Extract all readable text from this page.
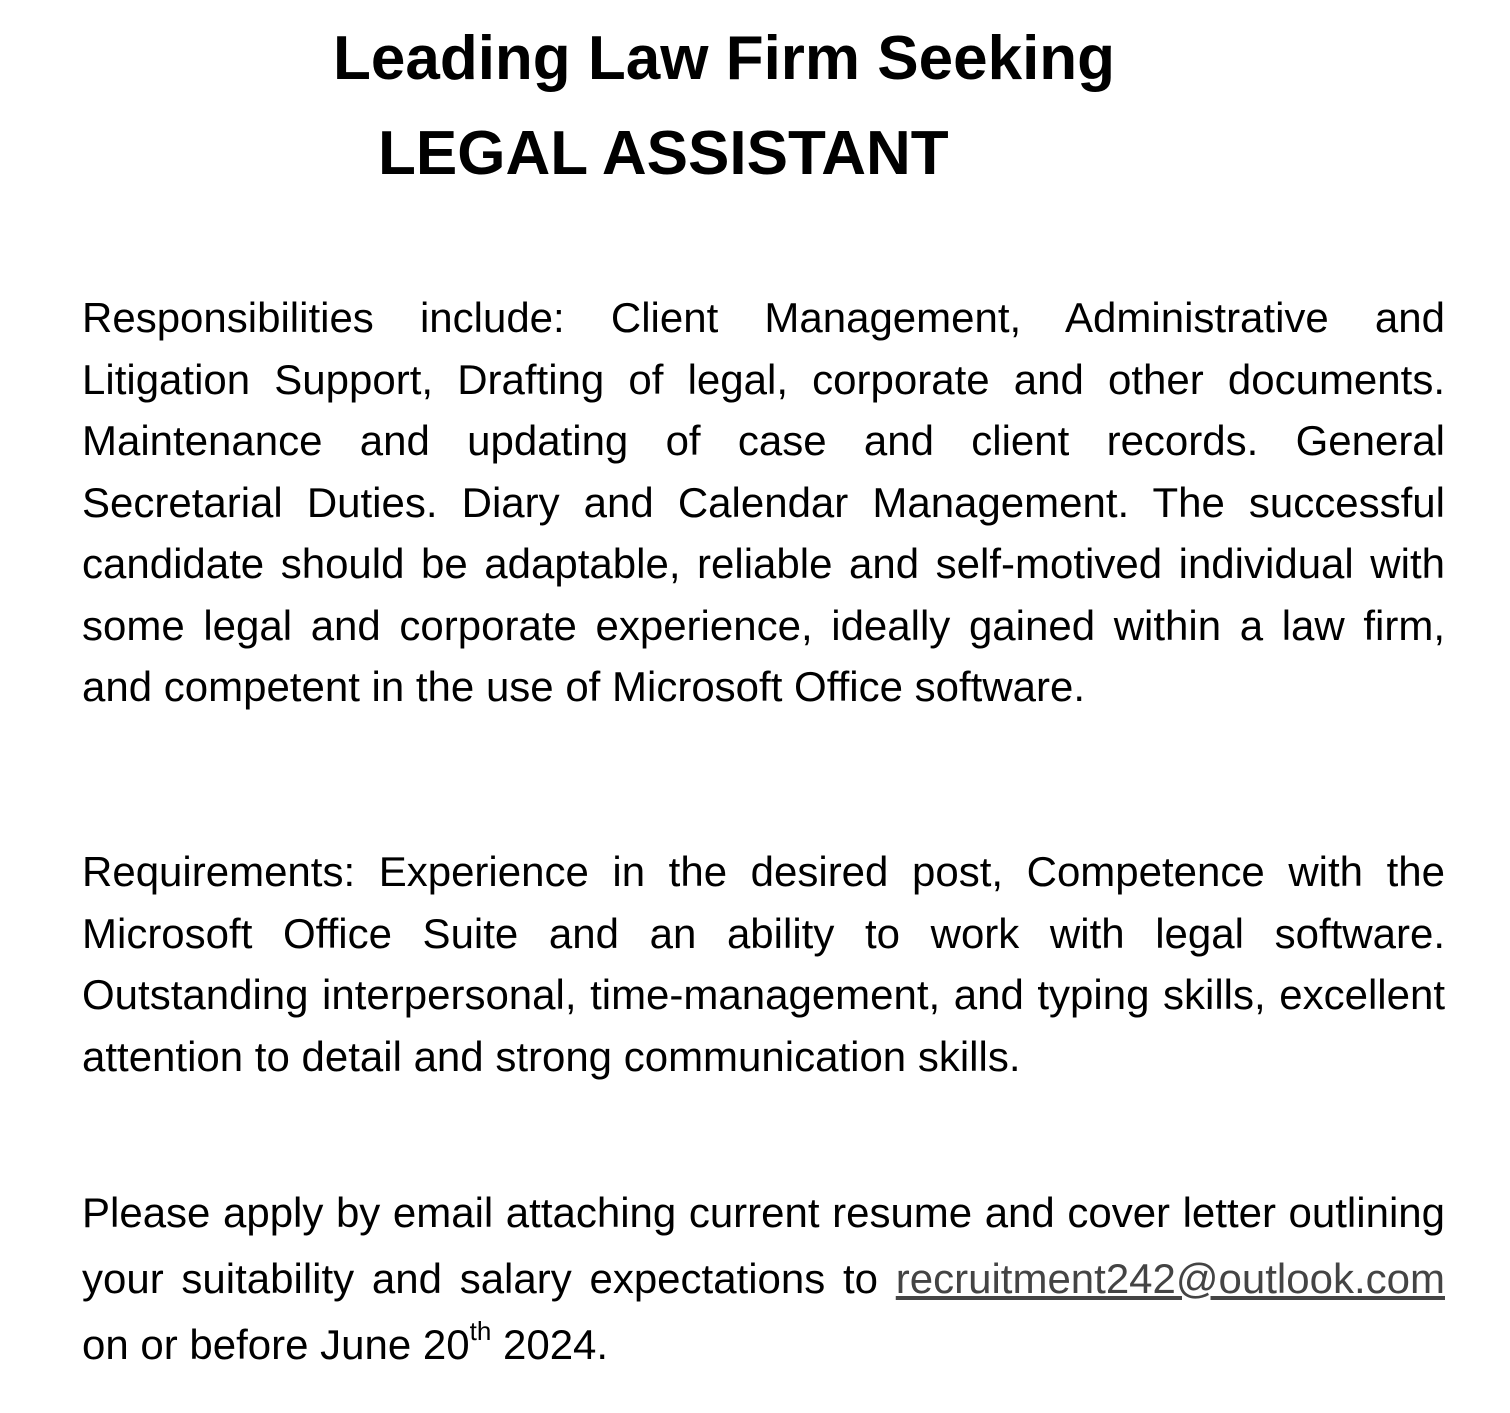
Leading Law Firm Seeking
LEGAL ASSISTANT

Responsibilities include: Client Management, Administrative and Litigation Support, Drafting of legal, corporate and other documents. Maintenance and updating of case and client records. General Secretarial Duties. Diary and Calendar Management. The successful candidate should be adaptable, reliable and self-motived individual with some legal and corporate experience, ideally gained within a law firm, and competent in the use of Microsoft Office software.

Requirements: Experience in the desired post, Competence with the Microsoft Office Suite and an ability to work with legal software. Outstanding interpersonal, time-management, and typing skills, excellent attention to detail and strong communication skills.

Please apply by email attaching current resume and cover letter outlining your suitability and salary expectations to recruitment242@outlook.com on or before June 20th 2024.
